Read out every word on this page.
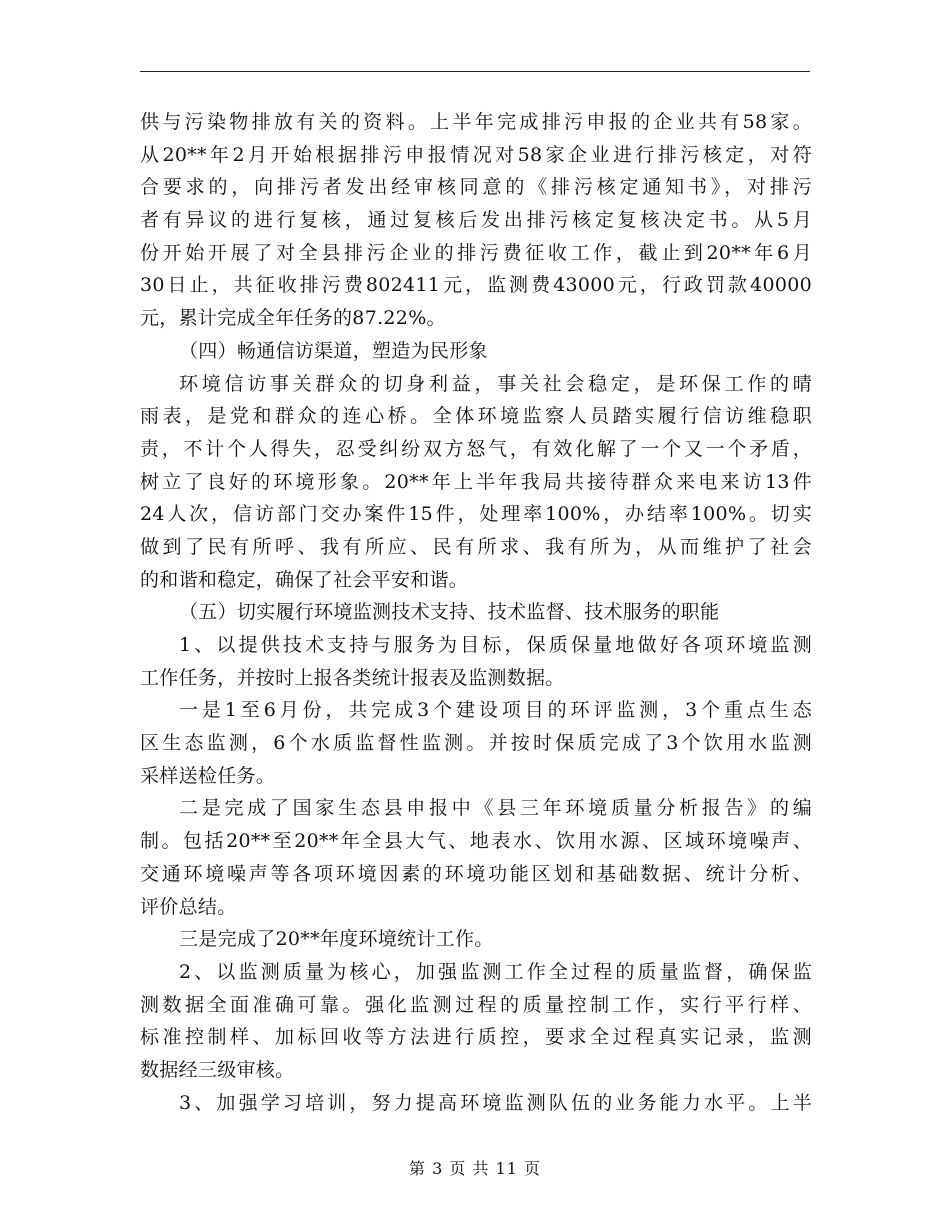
供与污染物排放有关的资料。上半年完成排污申报的企业共有58家。
从20**年2月开始根据排污申报情况对58家企业进行排污核定，对符
合要求的，向排污者发出经审核同意的《排污核定通知书》，对排污
者有异议的进行复核，通过复核后发出排污核定复核决定书。从5月
份开始开展了对全县排污企业的排污费征收工作，截止到20**年6月
30日止，共征收排污费802411元，监测费43000元，行政罚款40000
元，累计完成全年任务的87.22%。
（四）畅通信访渠道，塑造为民形象
环境信访事关群众的切身利益，事关社会稳定，是环保工作的晴
雨表，是党和群众的连心桥。全体环境监察人员踏实履行信访维稳职
责，不计个人得失，忍受纠纷双方怒气，有效化解了一个又一个矛盾，
树立了良好的环境形象。20**年上半年我局共接待群众来电来访13件
24人次，信访部门交办案件15件，处理率100%，办结率100%。切实
做到了民有所呼、我有所应、民有所求、我有所为，从而维护了社会
的和谐和稳定，确保了社会平安和谐。
（五）切实履行环境监测技术支持、技术监督、技术服务的职能
1、以提供技术支持与服务为目标，保质保量地做好各项环境监测
工作任务，并按时上报各类统计报表及监测数据。
一是1至6月份，共完成3个建设项目的环评监测，3个重点生态
区生态监测，6个水质监督性监测。并按时保质完成了3个饮用水监测
采样送检任务。
二是完成了国家生态县申报中《县三年环境质量分析报告》的编
制。包括20**至20**年全县大气、地表水、饮用水源、区域环境噪声、
交通环境噪声等各项环境因素的环境功能区划和基础数据、统计分析、
评价总结。
三是完成了20**年度环境统计工作。
2、以监测质量为核心，加强监测工作全过程的质量监督，确保监
测数据全面准确可靠。强化监测过程的质量控制工作，实行平行样、
标准控制样、加标回收等方法进行质控，要求全过程真实记录，监测
数据经三级审核。
3、加强学习培训，努力提高环境监测队伍的业务能力水平。上半
第 3 页 共 11 页
